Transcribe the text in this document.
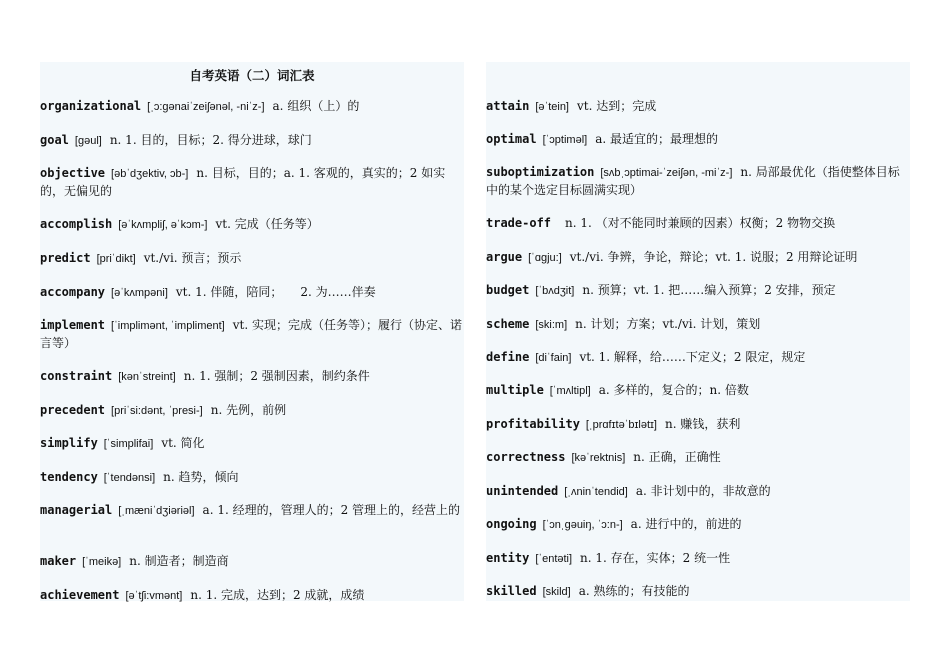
自考英语（二）词汇表
organizational [ˌɔ:gənaiˈzeiʃənəl, -niˈz-] a. 组织（上）的
goal [gəul] n. 1. 目的，目标；2. 得分进球，球门
objective [əbˈdʒektiv, ɔb-] n. 目标，目的；a. 1. 客观的，真实的；2 如实的，无偏见的
accomplish [əˈkʌmpliʃ, əˈkɔm-] vt. 完成（任务等）
predict [priˈdikt] vt./vi. 预言；预示
accompany [əˈkʌmpəni] vt. 1. 伴随，陪同；　　2. 为……伴奏
implement [ˈimplimənt, ˈimpliment] vt. 实现；完成（任务等）；履行（协定、诺言等）
constraint [kənˈstreint] n. 1. 强制；2 强制因素，制约条件
precedent [priˈsi:dənt, ˈpresi-] n. 先例，前例
simplify [ˈsimplifai] vt. 简化
tendency [ˈtendənsi] n. 趋势，倾向
managerial [ˌmæniˈdʒiəriəl] a. 1. 经理的，管理人的；2 管理上的，经营上的
maker [ˈmeikə] n. 制造者；制造商
achievement [əˈtʃi:vmənt] n. 1. 完成，达到；2 成就，成绩
attain [əˈtein] vt. 达到；完成
optimal [ˈɔptiməl] a. 最适宜的；最理想的
suboptimization [sʌbˌɔptimai-ˈzeiʃən, -miˈz-] n. 局部最优化（指使整体目标中的某个选定目标圆满实现）
trade-off n. 1. （对不能同时兼顾的因素）权衡；2 物物交换
argue [ˈɑgju:] vt./vi. 争辨，争论，辩论；vt. 1. 说服；2 用辩论证明
budget [ˈbʌdʒit] n. 预算；vt. 1. 把……编入预算；2 安排，预定
scheme [ski:m] n. 计划；方案；vt./vi. 计划，策划
define [diˈfain] vt. 1. 解释，给……下定义；2 限定，规定
multiple [ˈmʌltipl] a. 多样的，复合的；n. 倍数
profitability [ˌprɑfɪtəˈbɪlətɪ] n. 赚钱，获利
correctness [kəˈrektnis] n. 正确，正确性
unintended [ˌʌninˈtendid] a. 非计划中的，非故意的
ongoing [ˈɔnˌgəuiŋ, ˈɔ:n-] a. 进行中的，前进的
entity [ˈentəti] n. 1. 存在，实体；2 统一性
skilled [skild] a. 熟练的；有技能的
